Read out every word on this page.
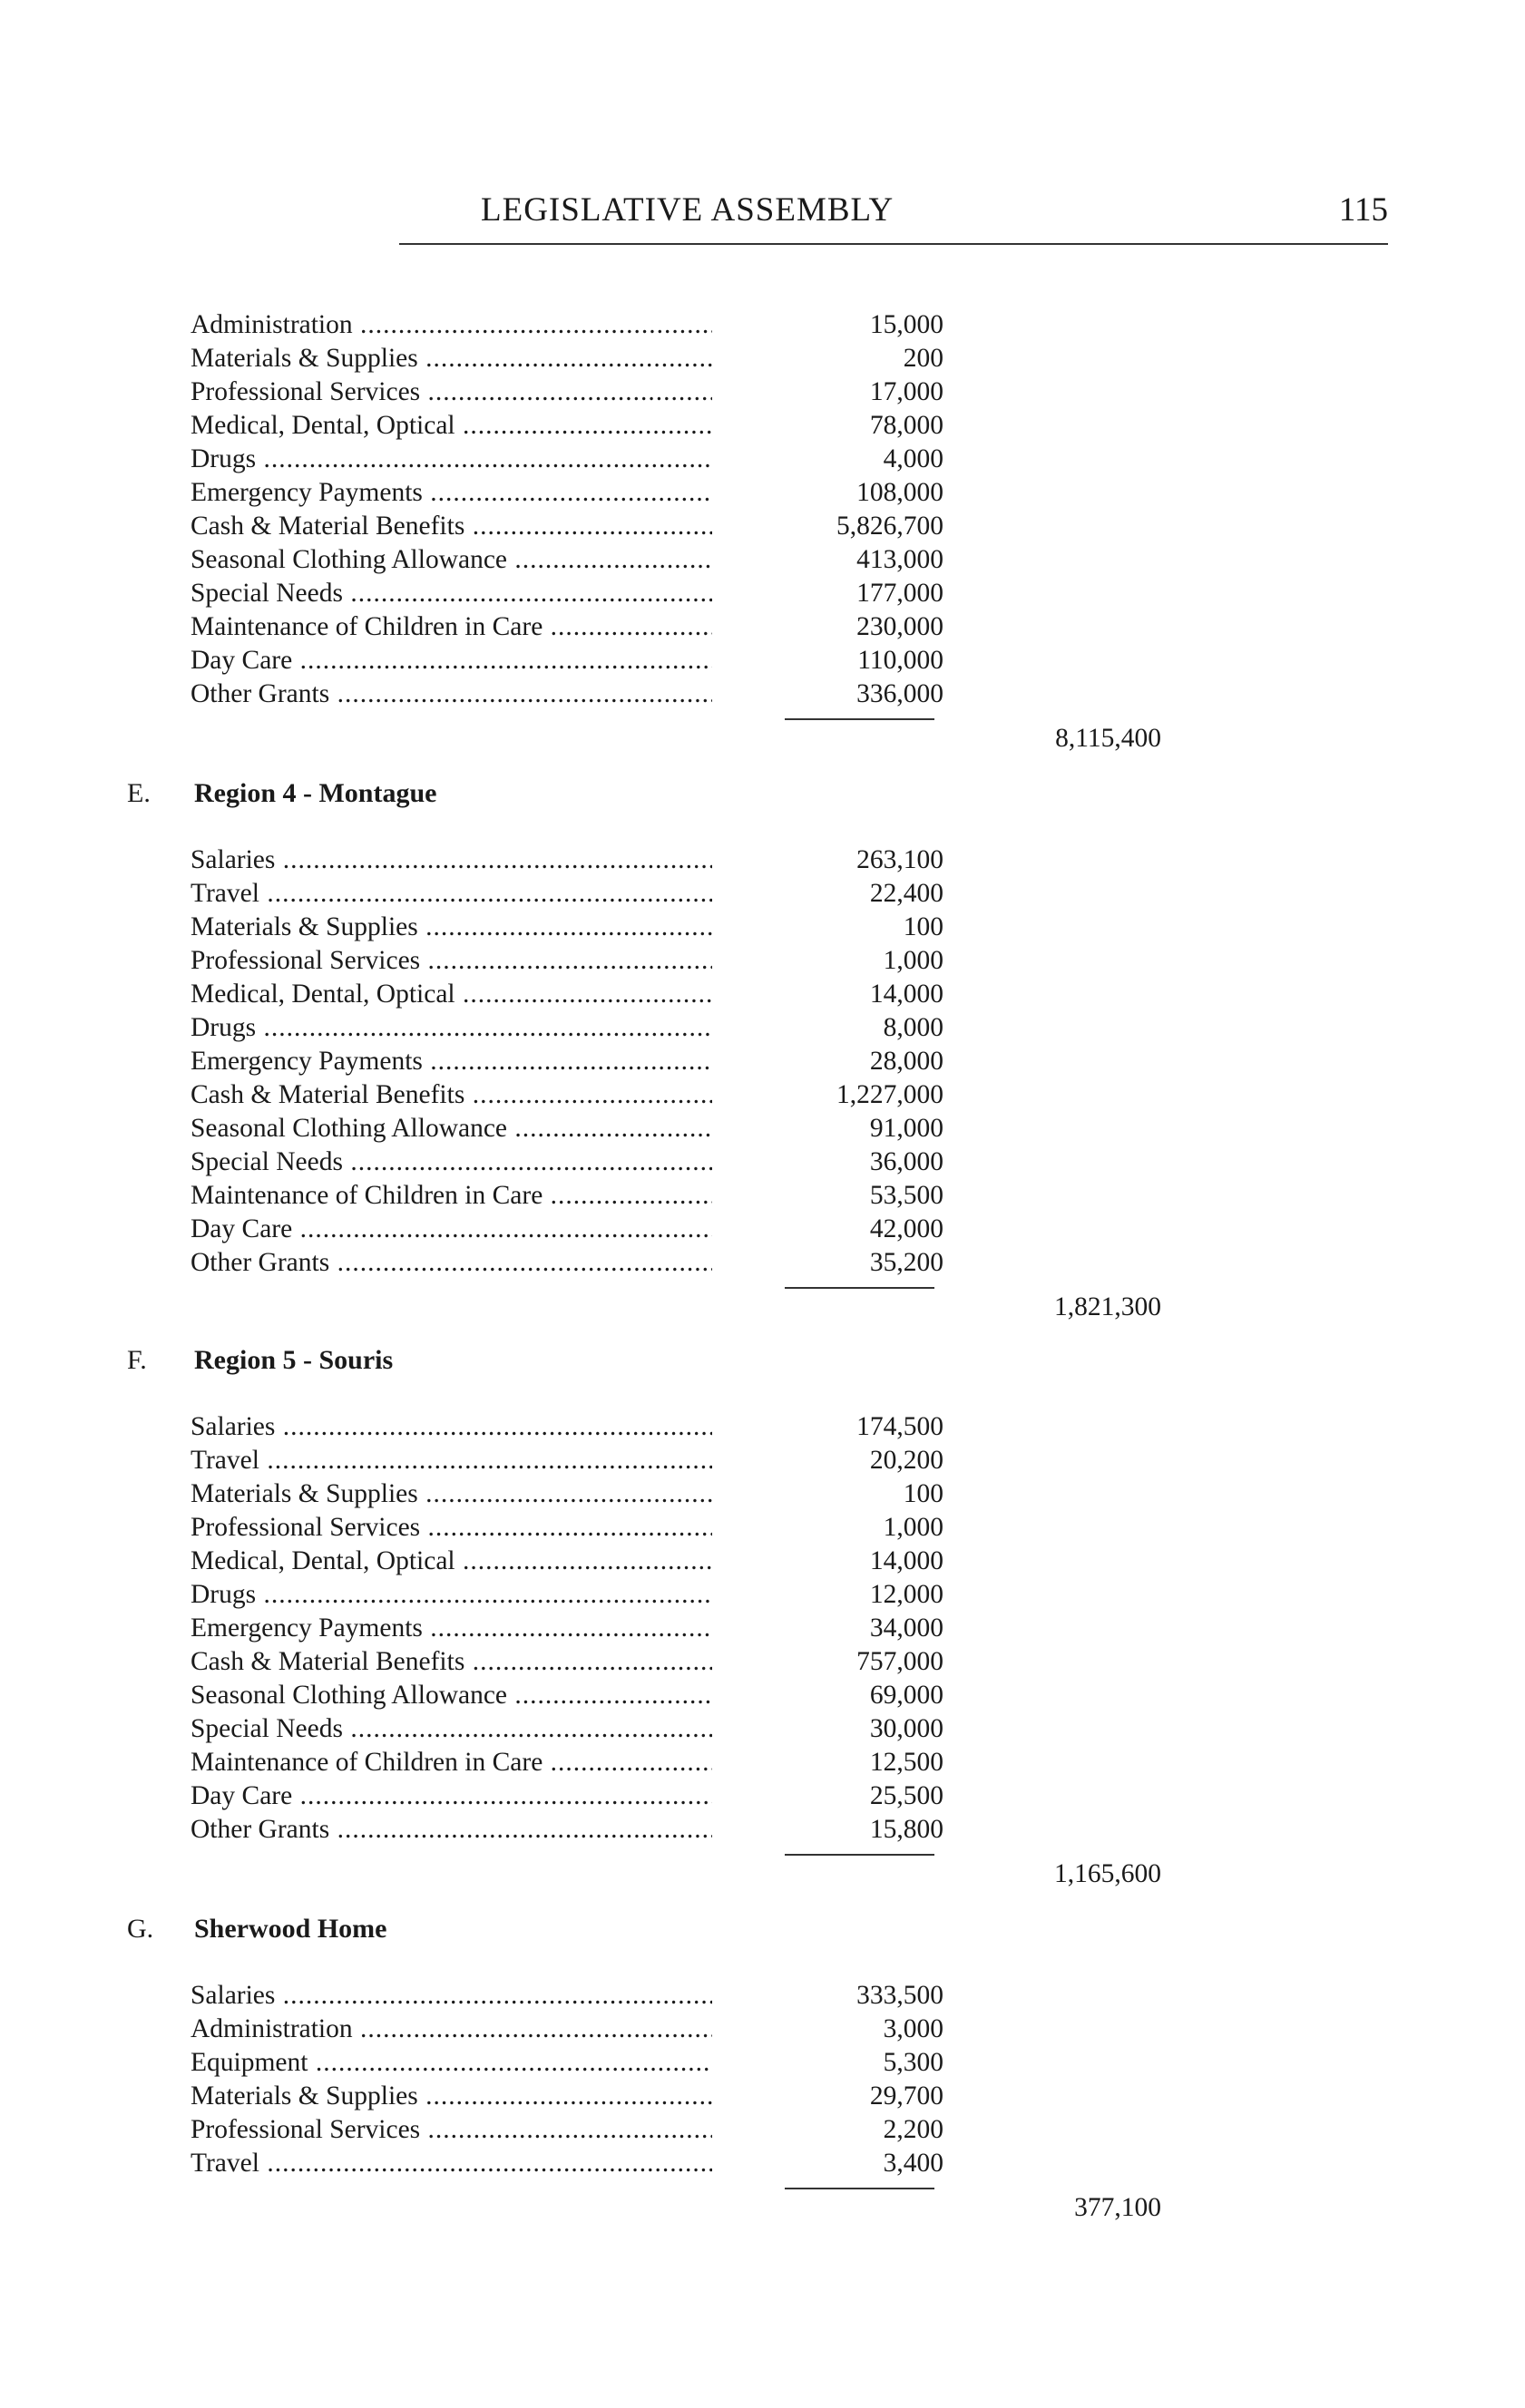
LEGISLATIVE ASSEMBLY	115
Administration .....	15,000
Materials & Supplies .....	200
Professional Services .....	17,000
Medical, Dental, Optical .....	78,000
Drugs .....	4,000
Emergency Payments .....	108,000
Cash & Material Benefits .....	5,826,700
Seasonal Clothing Allowance .....	413,000
Special Needs .....	177,000
Maintenance of Children in Care .....	230,000
Day Care .....	110,000
Other Grants .....	336,000
8,115,400
E.	Region 4 - Montague
Salaries .....	263,100
Travel .....	22,400
Materials & Supplies .....	100
Professional Services .....	1,000
Medical, Dental, Optical .....	14,000
Drugs .....	8,000
Emergency Payments .....	28,000
Cash & Material Benefits .....	1,227,000
Seasonal Clothing Allowance .....	91,000
Special Needs .....	36,000
Maintenance of Children in Care .....	53,500
Day Care .....	42,000
Other Grants .....	35,200
1,821,300
F.	Region 5 - Souris
Salaries .....	174,500
Travel .....	20,200
Materials & Supplies .....	100
Professional Services .....	1,000
Medical, Dental, Optical .....	14,000
Drugs .....	12,000
Emergency Payments .....	34,000
Cash & Material Benefits .....	757,000
Seasonal Clothing Allowance .....	69,000
Special Needs .....	30,000
Maintenance of Children in Care .....	12,500
Day Care .....	25,500
Other Grants .....	15,800
1,165,600
G.	Sherwood Home
Salaries .....	333,500
Administration .....	3,000
Equipment .....	5,300
Materials & Supplies .....	29,700
Professional Services .....	2,200
Travel .....	3,400
377,100
